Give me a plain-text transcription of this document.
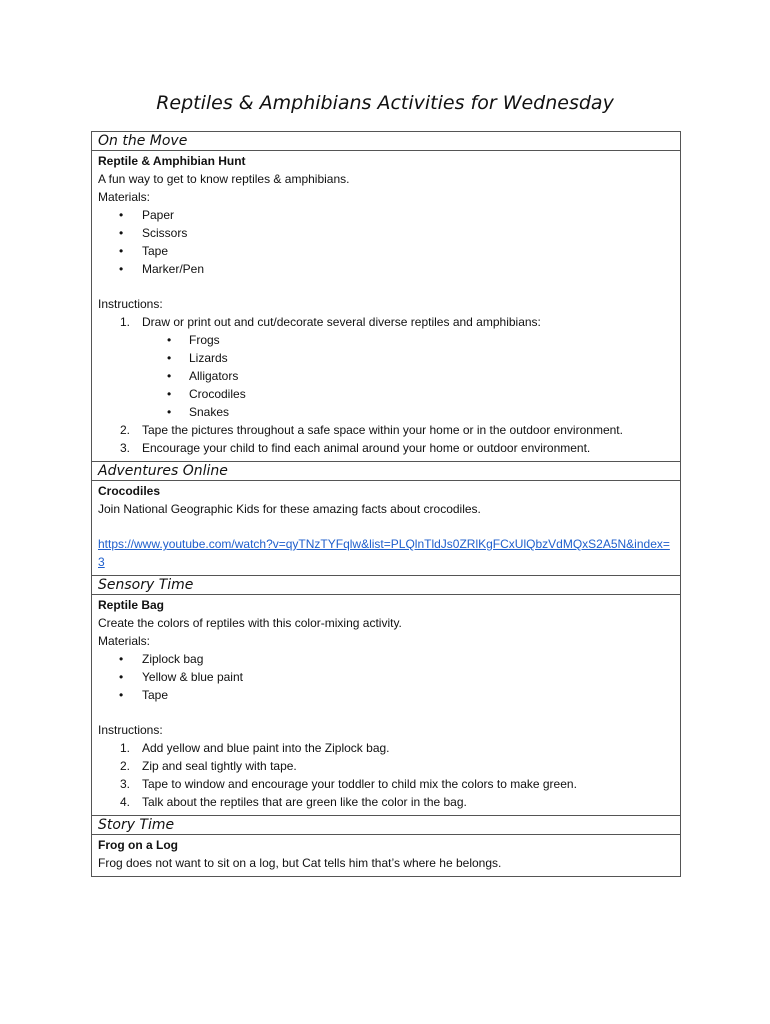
Reptiles & Amphibians Activities for Wednesday
On the Move
Reptile & Amphibian Hunt
A fun way to get to know reptiles & amphibians.
Materials:
• Paper
• Scissors
• Tape
• Marker/Pen
Instructions:
1. Draw or print out and cut/decorate several diverse reptiles and amphibians:
• Frogs
• Lizards
• Alligators
• Crocodiles
• Snakes
2. Tape the pictures throughout a safe space within your home or in the outdoor environment.
3. Encourage your child to find each animal around your home or outdoor environment.
Adventures Online
Crocodiles
Join National Geographic Kids for these amazing facts about crocodiles.
https://www.youtube.com/watch?v=qyTNzTYFqlw&list=PLQlnTldJs0ZRlKgFCxUlQbzVdMQxS2A5N&index=3
Sensory Time
Reptile Bag
Create the colors of reptiles with this color-mixing activity.
Materials:
• Ziplock bag
• Yellow & blue paint
• Tape
Instructions:
1. Add yellow and blue paint into the Ziplock bag.
2. Zip and seal tightly with tape.
3. Tape to window and encourage your toddler to child mix the colors to make green.
4. Talk about the reptiles that are green like the color in the bag.
Story Time
Frog on a Log
Frog does not want to sit on a log, but Cat tells him that’s where he belongs.
